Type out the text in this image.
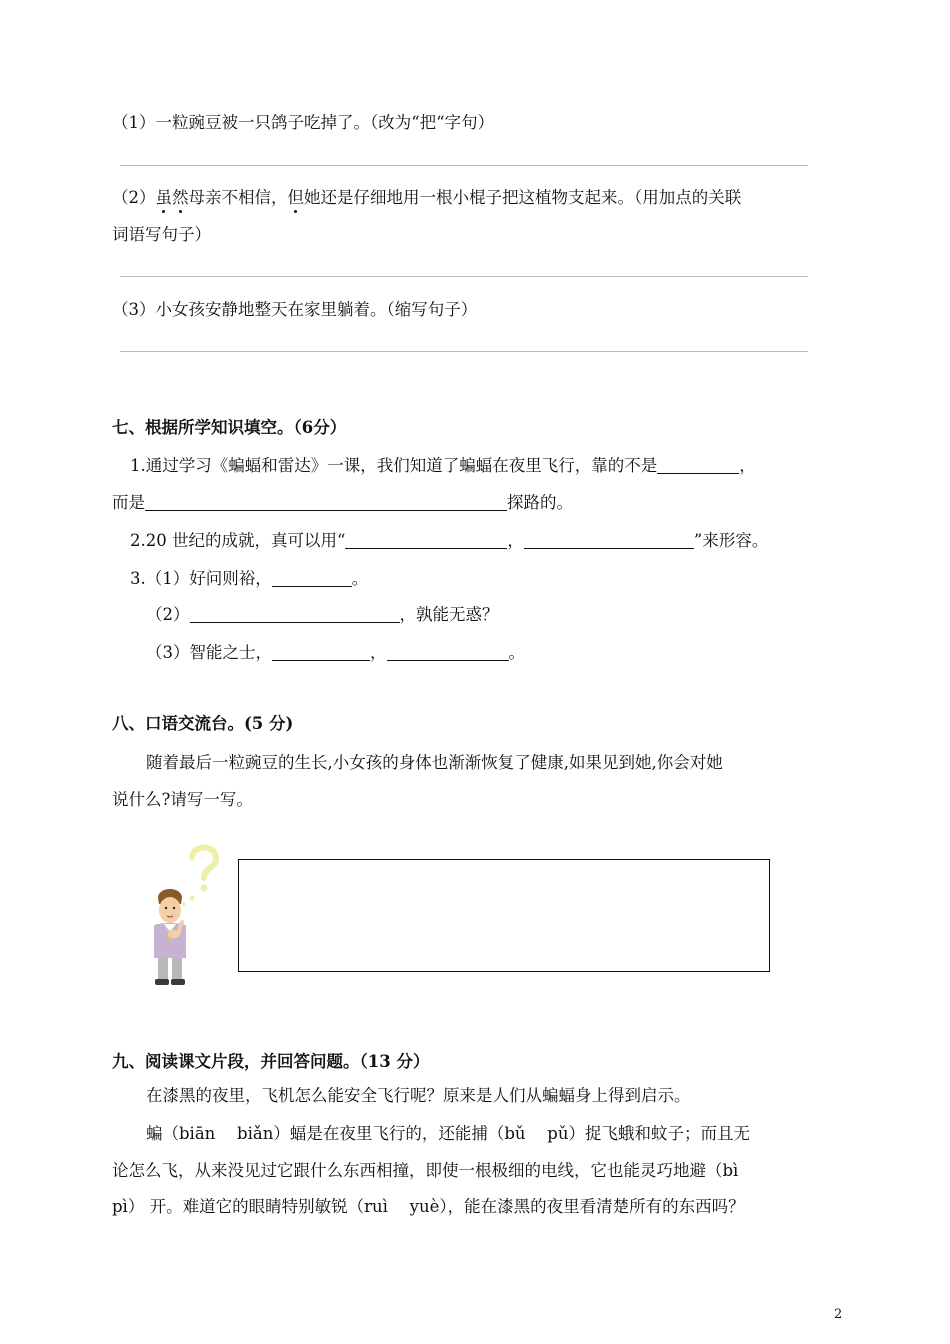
（1）一粒豌豆被一只鸽子吃掉了。（改为“把“字句）
（2）虽然母亲不相信，但她还是仔细地用一根小棍子把这植物支起来。（用加点的关联
词语写句子）
（3）小女孩安静地整天在家里躺着。（缩写句子）
七、根据所学知识填空。（6分）
1.通过学习《蝙蝠和雷达》一课，我们知道了蝙蝠在夜里飞行，靠的不是	，
而是	探路的。
2.20 世纪的成就，真可以用“	，	”来形容。
3.（1）好问则裕，	。
（2）	，孰能无惑？
（3）智能之士，	，	。
八、口语交流台。(5 分)
随着最后一粒豌豆的生长,小女孩的身体也渐渐恢复了健康,如果见到她,你会对她
说什么?请写一写。
九、阅读课文片段，并回答问题。（13 分）
在漆黑的夜里，飞机怎么能安全飞行呢？原来是人们从蝙蝠身上得到启示。
蝙（biān　 biǎn）蝠是在夜里飞行的，还能捕（bǔ　 pǔ）捉飞蛾和蚊子；而且无
论怎么飞，从来没见过它跟什么东西相撞，即使一根极细的电线，它也能灵巧地避（bì
pì） 开。难道它的眼睛特别敏锐（ruì　 yuè），能在漆黑的夜里看清楚所有的东西吗？
2
